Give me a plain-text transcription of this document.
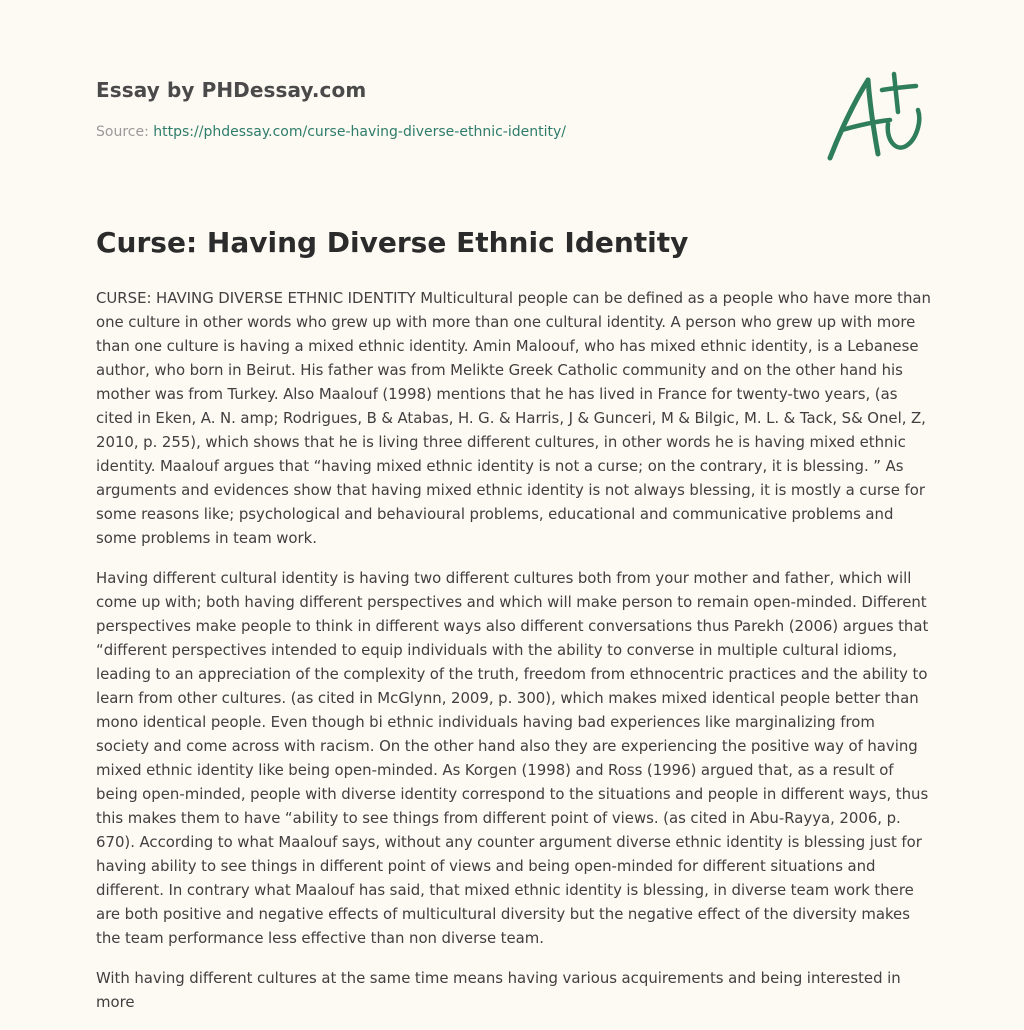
Essay by PHDessay.com
Source: https://phdessay.com/curse-having-diverse-ethnic-identity/
Curse: Having Diverse Ethnic Identity

CURSE: HAVING DIVERSE ETHNIC IDENTITY Multicultural people can be defined as a people who have more than one culture in other words who grew up with more than one cultural identity. A person who grew up with more than one culture is having a mixed ethnic identity. Amin Maloouf, who has mixed ethnic identity, is a Lebanese author, who born in Beirut. His father was from Melikte Greek Catholic community and on the other hand his mother was from Turkey. Also Maalouf (1998) mentions that he has lived in France for twenty-two years, (as cited in Eken, A. N. amp; Rodrigues, B & Atabas, H. G. & Harris, J & Gunceri, M & Bilgic, M. L. & Tack, S& Onel, Z, 2010, p. 255), which shows that he is living three different cultures, in other words he is having mixed ethnic identity. Maalouf argues that “having mixed ethnic identity is not a curse; on the contrary, it is blessing. ” As arguments and evidences show that having mixed ethnic identity is not always blessing, it is mostly a curse for some reasons like; psychological and behavioural problems, educational and communicative problems and some problems in team work.

Having different cultural identity is having two different cultures both from your mother and father, which will come up with; both having different perspectives and which will make person to remain open-minded. Different perspectives make people to think in different ways also different conversations thus Parekh (2006) argues that “different perspectives intended to equip individuals with the ability to converse in multiple cultural idioms, leading to an appreciation of the complexity of the truth, freedom from ethnocentric practices and the ability to learn from other cultures. (as cited in McGlynn, 2009, p. 300), which makes mixed identical people better than mono identical people. Even though bi ethnic individuals having bad experiences like marginalizing from society and come across with racism. On the other hand also they are experiencing the positive way of having mixed ethnic identity like being open-minded. As Korgen (1998) and Ross (1996) argued that, as a result of being open-minded, people with diverse identity correspond to the situations and people in different ways, thus this makes them to have “ability to see things from different point of views. (as cited in Abu-Rayya, 2006, p. 670). According to what Maalouf says, without any counter argument diverse ethnic identity is blessing just for having ability to see things in different point of views and being open-minded for different situations and different. In contrary what Maalouf has said, that mixed ethnic identity is blessing, in diverse team work there are both positive and negative effects of multicultural diversity but the negative effect of the diversity makes the team performance less effective than non diverse team.

With having different cultures at the same time means having various acquirements and being interested in more
